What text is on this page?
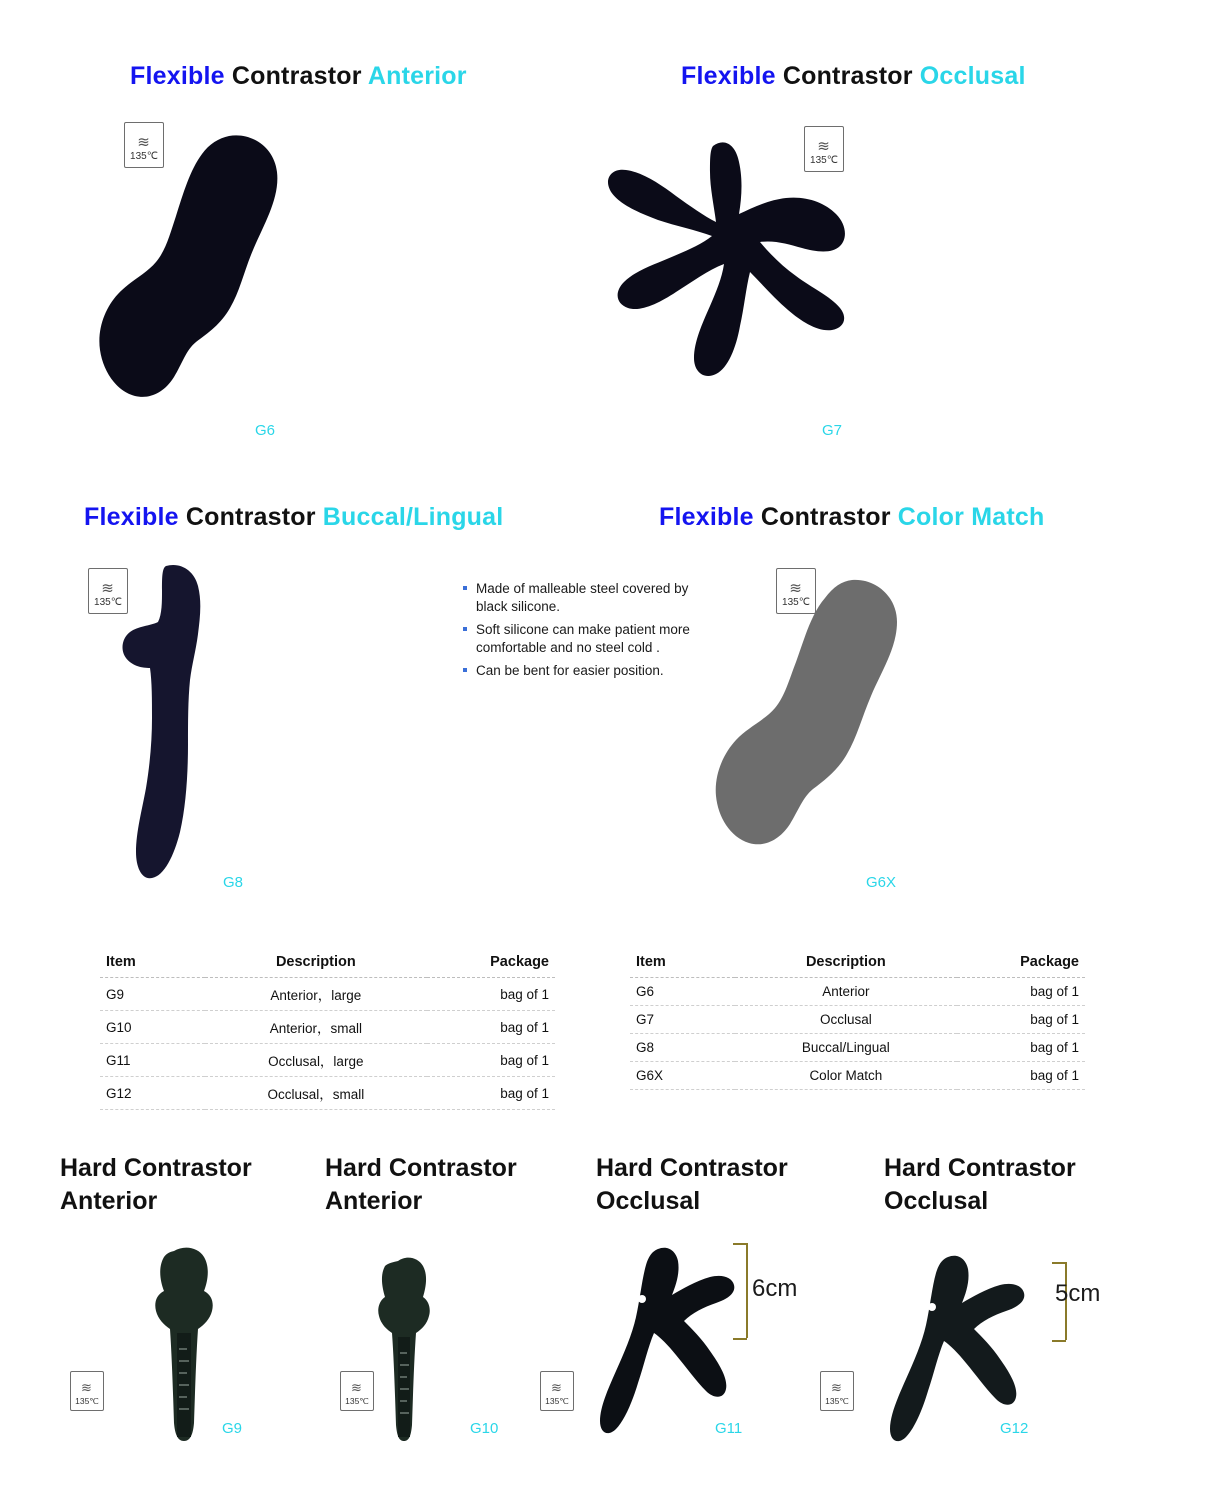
Flexible Contrastor Anterior
≋
135℃
G6
Flexible Contrastor Occlusal
≋
135℃
G7
Flexible Contrastor Buccal/Lingual
≋
135℃
G8
Made of malleable steel covered by black silicone.
Soft silicone can make patient more comfortable and no steel cold .
Can be bent for easier position.
Flexible Contrastor Color Match
≋
135℃
G6X
Item	Description	Package
G9	Anterior，large	bag of 1
G10	Anterior，small	bag of 1
G11	Occlusal，large	bag of 1
G12	Occlusal，small	bag of 1
Item	Description	Package
G6	Anterior	bag of 1
G7	Occlusal	bag of 1
G8	Buccal/Lingual	bag of 1
G6X	Color Match	bag of 1
Hard Contrastor
Anterior
≋
135℃
G9
Hard Contrastor
Anterior
≋
135℃
G10
Hard Contrastor
Occlusal
6cm
≋
135℃
G11
Hard Contrastor
Occlusal
5cm
≋
135℃
G12
